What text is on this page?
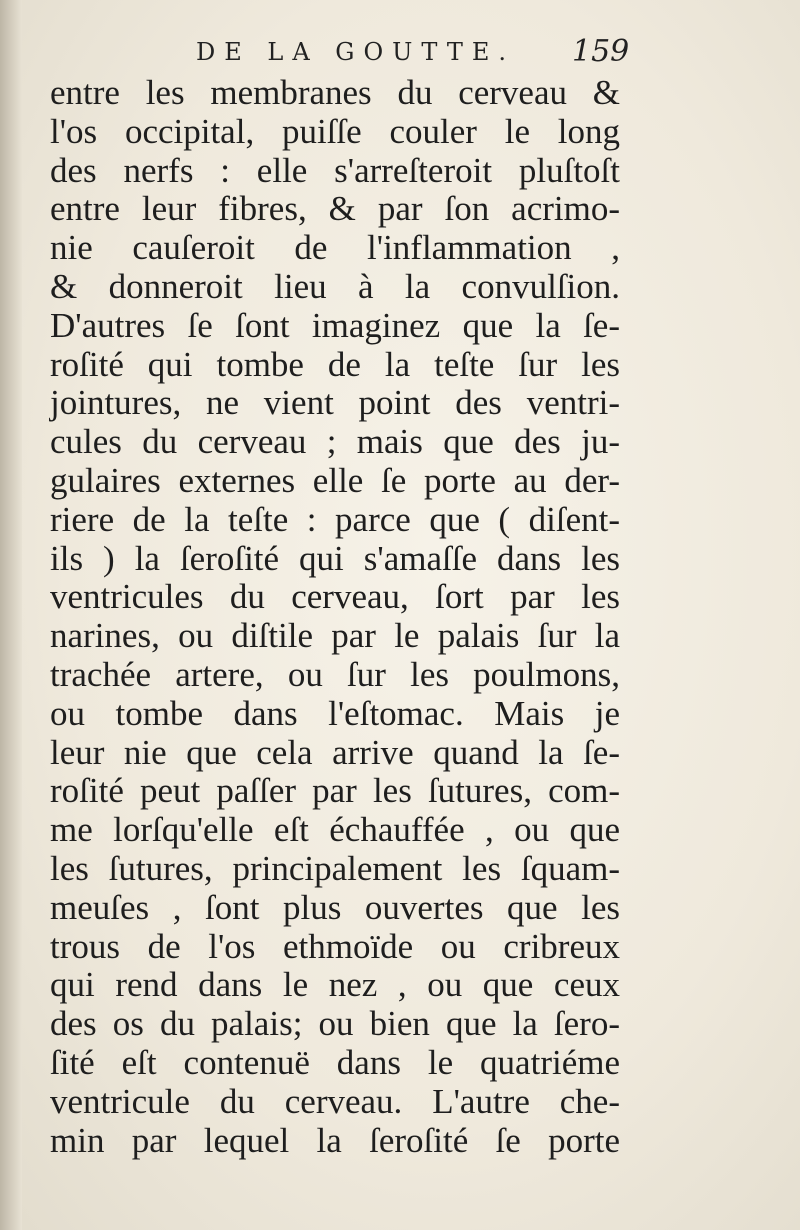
DE LA GOUTTE. 159
entre les membranes du cerveau &
l'os occipital, puiſſe couler le long
des nerfs : elle s'arreſteroit pluſtoſt
entre leur fibres, & par ſon acrimo-
nie cauſeroit de l'inflammation ,
& donneroit lieu à la convulſion.
D'autres ſe ſont imaginez que la ſe-
roſité qui tombe de la teſte ſur les
jointures, ne vient point des ventri-
cules du cerveau ; mais que des ju-
gulaires externes elle ſe porte au der-
riere de la teſte : parce que ( diſent-
ils ) la ſeroſité qui s'amaſſe dans les
ventricules du cerveau, ſort par les
narines, ou diſtile par le palais ſur la
trachée artere, ou ſur les poulmons,
ou tombe dans l'eſtomac. Mais je
leur nie que cela arrive quand la ſe-
roſité peut paſſer par les ſutures, com-
me lorſqu'elle eſt échauffée , ou que
les ſutures, principalement les ſquam-
meuſes , ſont plus ouvertes que les
trous de l'os ethmoïde ou cribreux
qui rend dans le nez , ou que ceux
des os du palais; ou bien que la ſero-
ſité eſt contenuë dans le quatriéme
ventricule du cerveau. L'autre che-
min par lequel la ſeroſité ſe porte
